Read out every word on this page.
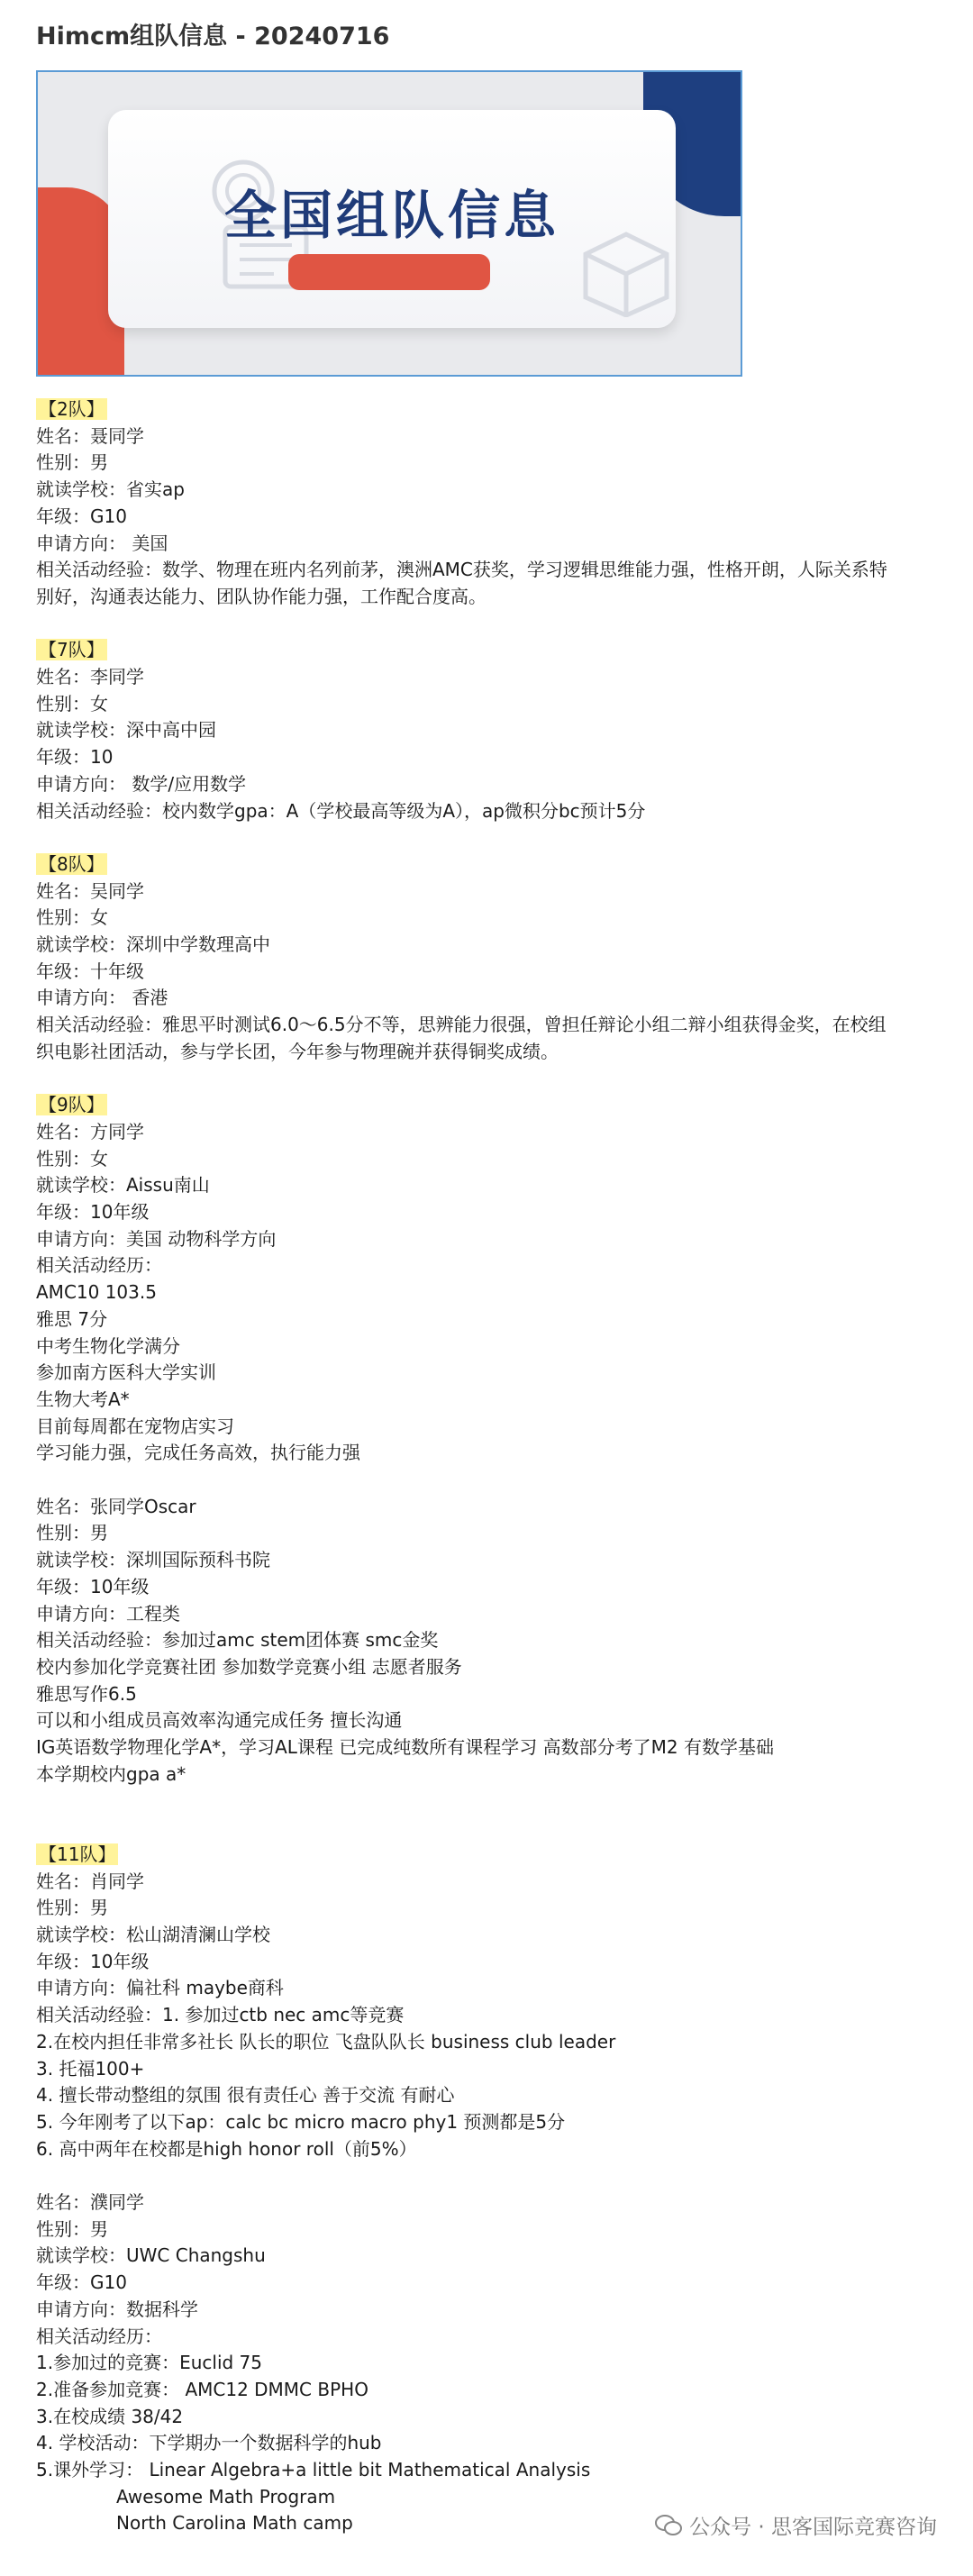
Himcm组队信息 - 20240716
全国组队信息
【2队】
姓名：聂同学
性别：男
就读学校：省实ap
年级：G10
申请方向： 美国
相关活动经验：数学、物理在班内名列前茅，澳洲AMC获奖，学习逻辑思维能力强，性格开朗，人际关系特
别好，沟通表达能力、团队协作能力强，工作配合度高。
【7队】
姓名：李同学
性别：女
就读学校：深中高中园
年级：10
申请方向： 数学/应用数学
相关活动经验：校内数学gpa：A（学校最高等级为A），ap微积分bc预计5分
【8队】
姓名：吴同学
性别：女
就读学校：深圳中学数理高中
年级：十年级
申请方向： 香港
相关活动经验：雅思平时测试6.0～6.5分不等，思辨能力很强，曾担任辩论小组二辩小组获得金奖，在校组
织电影社团活动，参与学长团，今年参与物理碗并获得铜奖成绩。
【9队】
姓名：方同学
性别：女
就读学校：Aissu南山
年级：10年级
申请方向：美国 动物科学方向
相关活动经历：
AMC10 103.5
雅思 7分
中考生物化学满分
参加南方医科大学实训
生物大考A*
目前每周都在宠物店实习
学习能力强，完成任务高效，执行能力强
姓名：张同学Oscar
性别：男
就读学校：深圳国际预科书院
年级：10年级
申请方向：工程类
相关活动经验：参加过amc stem团体赛 smc金奖
校内参加化学竞赛社团 参加数学竞赛小组 志愿者服务
雅思写作6.5
可以和小组成员高效率沟通完成任务 擅长沟通
IG英语数学物理化学A*，学习AL课程 已完成纯数所有课程学习 高数部分考了M2 有数学基础
本学期校内gpa a*
【11队】
姓名：肖同学
性别：男
就读学校：松山湖清澜山学校
年级：10年级
申请方向：偏社科 maybe商科
相关活动经验：1. 参加过ctb nec amc等竞赛
2.在校内担任非常多社长 队长的职位 飞盘队队长 business club leader
3. 托福100+
4. 擅长带动整组的氛围 很有责任心 善于交流 有耐心
5. 今年刚考了以下ap：calc bc micro macro phy1 预测都是5分
6. 高中两年在校都是high honor roll（前5%）
姓名：濮同学
性别：男
就读学校：UWC Changshu
年级：G10
申请方向：数据科学
相关活动经历：
1.参加过的竞赛：Euclid 75
2.准备参加竞赛： AMC12 DMMC BPHO
3.在校成绩 38/42
4. 学校活动：下学期办一个数据科学的hub
5.课外学习： Linear Algebra+a little bit Mathematical Analysis
Awesome Math Program
North Carolina Math camp	公众号 · 思客国际竞赛咨询
